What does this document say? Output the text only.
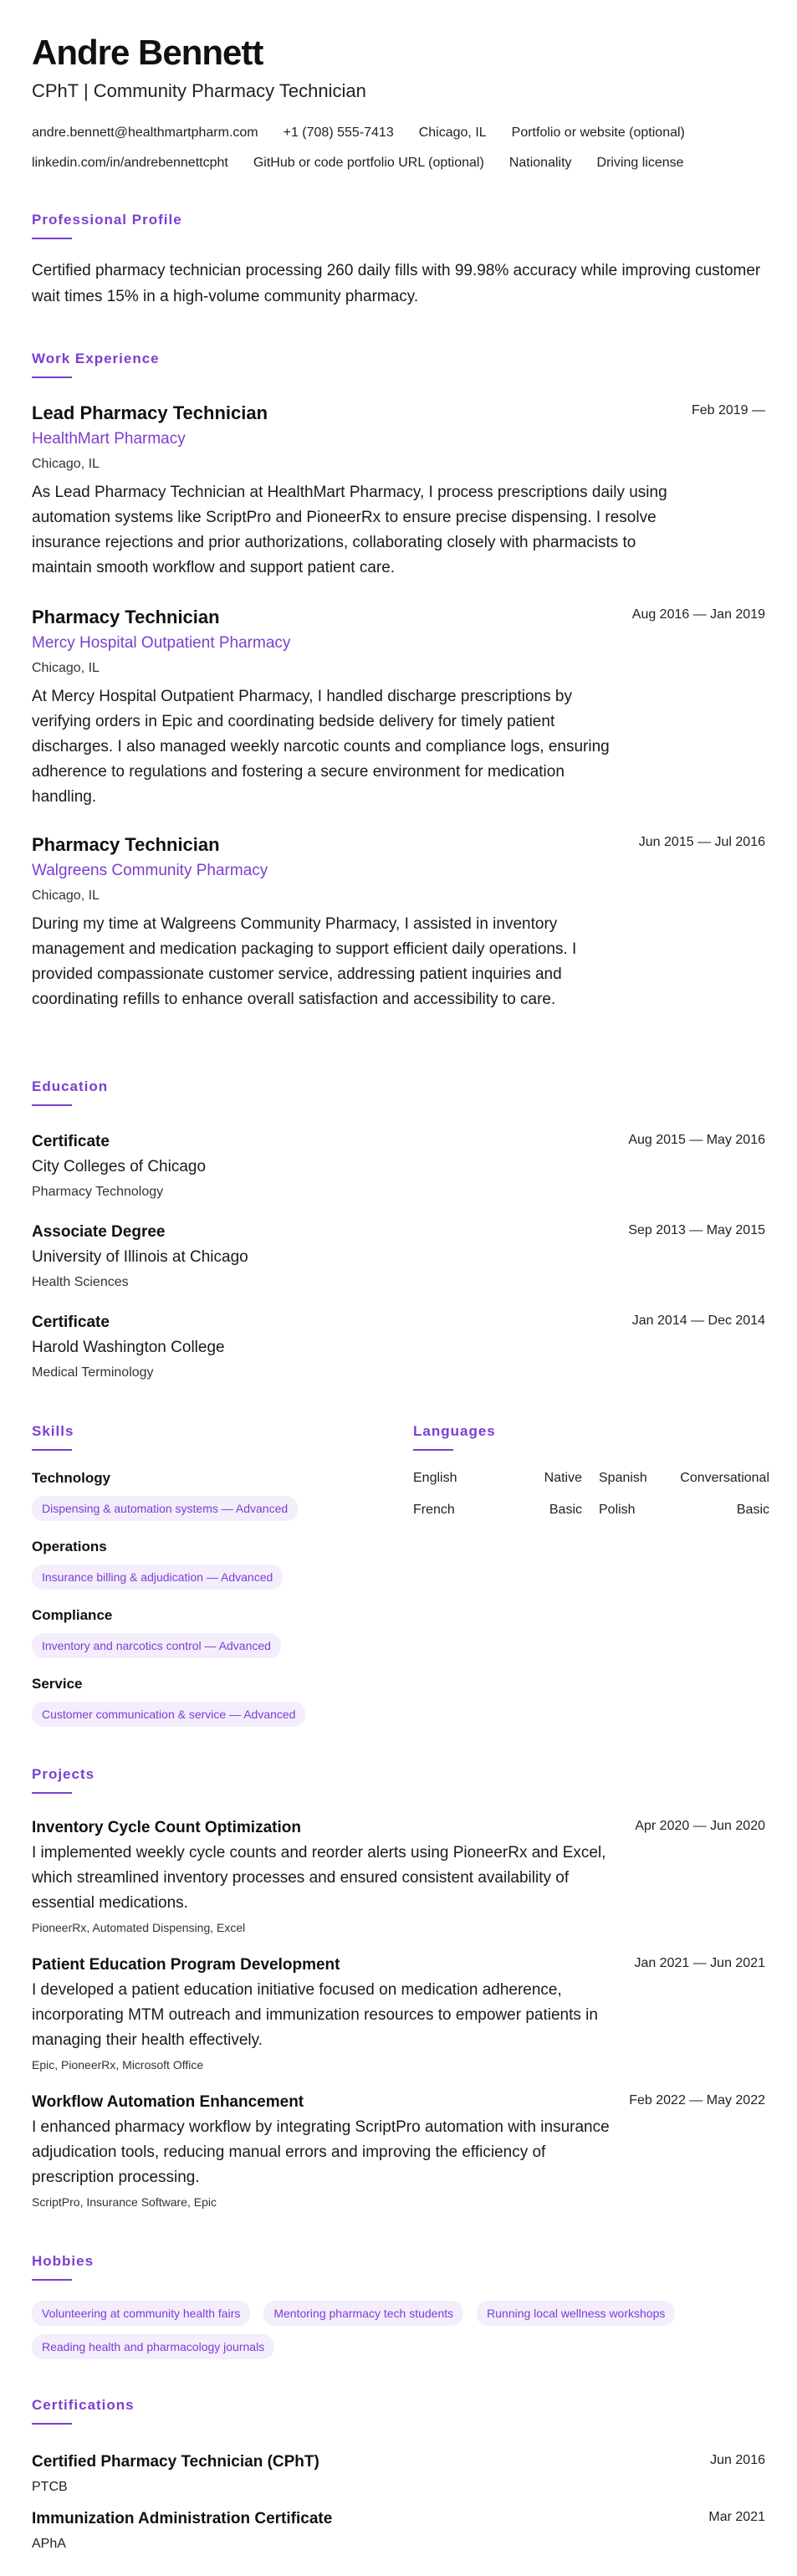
Andre Bennett
CPhT | Community Pharmacy Technician
andre.bennett@healthmartpharm.com +1 (708) 555-7413 Chicago, IL Portfolio or website (optional)
linkedin.com/in/andrebennettcpht GitHub or code portfolio URL (optional) Nationality Driving license
Professional Profile
Certified pharmacy technician processing 260 daily fills with 99.98% accuracy while improving customer wait times 15% in a high-volume community pharmacy.
Work Experience
Feb 2019 —
Lead Pharmacy Technician
HealthMart Pharmacy
Chicago, IL
As Lead Pharmacy Technician at HealthMart Pharmacy, I process prescriptions daily using automation systems like ScriptPro and PioneerRx to ensure precise dispensing. I resolve insurance rejections and prior authorizations, collaborating closely with pharmacists to maintain smooth workflow and support patient care.
Aug 2016 — Jan 2019
Pharmacy Technician
Mercy Hospital Outpatient Pharmacy
Chicago, IL
At Mercy Hospital Outpatient Pharmacy, I handled discharge prescriptions by verifying orders in Epic and coordinating bedside delivery for timely patient discharges. I also managed weekly narcotic counts and compliance logs, ensuring adherence to regulations and fostering a secure environment for medication handling.
Jun 2015 — Jul 2016
Pharmacy Technician
Walgreens Community Pharmacy
Chicago, IL
During my time at Walgreens Community Pharmacy, I assisted in inventory management and medication packaging to support efficient daily operations. I provided compassionate customer service, addressing patient inquiries and coordinating refills to enhance overall satisfaction and accessibility to care.
Education
Aug 2015 — May 2016
Certificate
City Colleges of Chicago
Pharmacy Technology
Sep 2013 — May 2015
Associate Degree
University of Illinois at Chicago
Health Sciences
Jan 2014 — Dec 2014
Certificate
Harold Washington College
Medical Terminology
Skills
Technology
Dispensing & automation systems — Advanced
Operations
Insurance billing & adjudication — Advanced
Compliance
Inventory and narcotics control — Advanced
Service
Customer communication & service — Advanced
Languages
English	Native Spanish	Conversational
French	Basic Polish	Basic
Projects
Apr 2020 — Jun 2020
Inventory Cycle Count Optimization
I implemented weekly cycle counts and reorder alerts using PioneerRx and Excel, which streamlined inventory processes and ensured consistent availability of essential medications.
PioneerRx, Automated Dispensing, Excel
Jan 2021 — Jun 2021
Patient Education Program Development
I developed a patient education initiative focused on medication adherence, incorporating MTM outreach and immunization resources to empower patients in managing their health effectively.
Epic, PioneerRx, Microsoft Office
Feb 2022 — May 2022
Workflow Automation Enhancement
I enhanced pharmacy workflow by integrating ScriptPro automation with insurance adjudication tools, reducing manual errors and improving the efficiency of prescription processing.
ScriptPro, Insurance Software, Epic
Hobbies
Volunteering at community health fairs	Mentoring pharmacy tech students	Running local wellness workshops
Reading health and pharmacology journals
Certifications
Jun 2016
Certified Pharmacy Technician (CPhT)
PTCB
Mar 2021
Immunization Administration Certificate
APhA
